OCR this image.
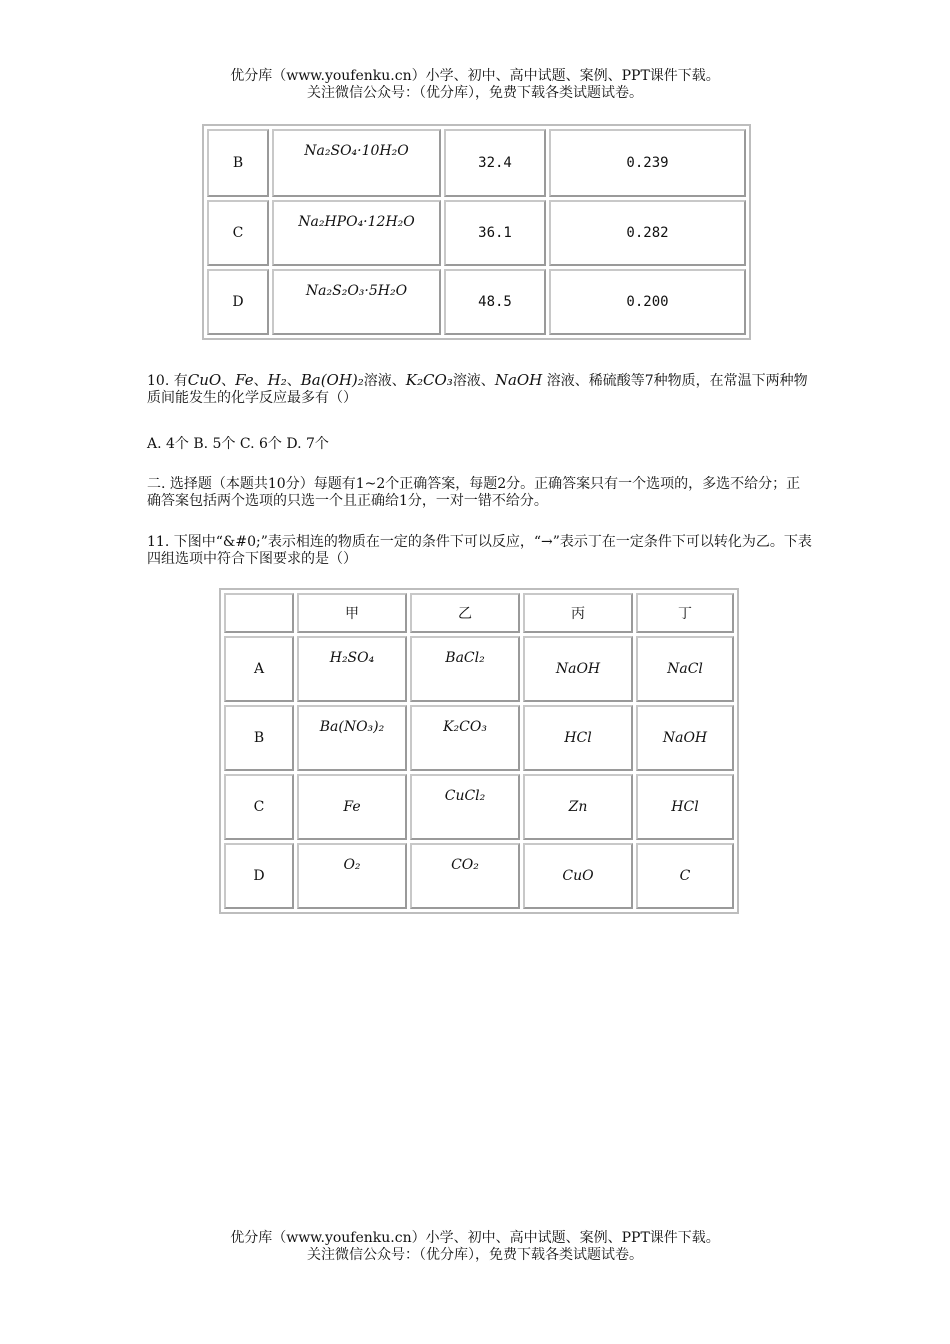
优分库（www.youfenku.cn）小学、初中、高中试题、案例、PPT课件下载。
关注微信公众号：（优分库），免费下载各类试题试卷。
B	Na₂SO₄·10H₂O	32.4	0.239
C	Na₂HPO₄·12H₂O	36.1	0.282
D	Na₂S₂O₃·5H₂O	48.5	0.200
10. 有CuO、Fe、H₂、Ba(OH)₂溶液、K₂CO₃溶液、NaOH 溶液、稀硫酸等7种物质，在常温下两种物质间能发生的化学反应最多有（）
A. 4个 B. 5个 C. 6个 D. 7个
二. 选择题（本题共10分）每题有1~2个正确答案，每题2分。正确答案只有一个选项的，多选不给分；正确答案包括两个选项的只选一个且正确给1分，一对一错不给分。
11. 下图中“&#0;”表示相连的物质在一定的条件下可以反应，“→”表示丁在一定条件下可以转化为乙。下表四组选项中符合下图要求的是（）
	甲	乙	丙	丁
A	H₂SO₄	BaCl₂	NaOH	NaCl
B	Ba(NO₃)₂	K₂CO₃	HCl	NaOH
C	Fe	CuCl₂	Zn	HCl
D	O₂	CO₂	CuO	C
优分库（www.youfenku.cn）小学、初中、高中试题、案例、PPT课件下载。
关注微信公众号：（优分库），免费下载各类试题试卷。
